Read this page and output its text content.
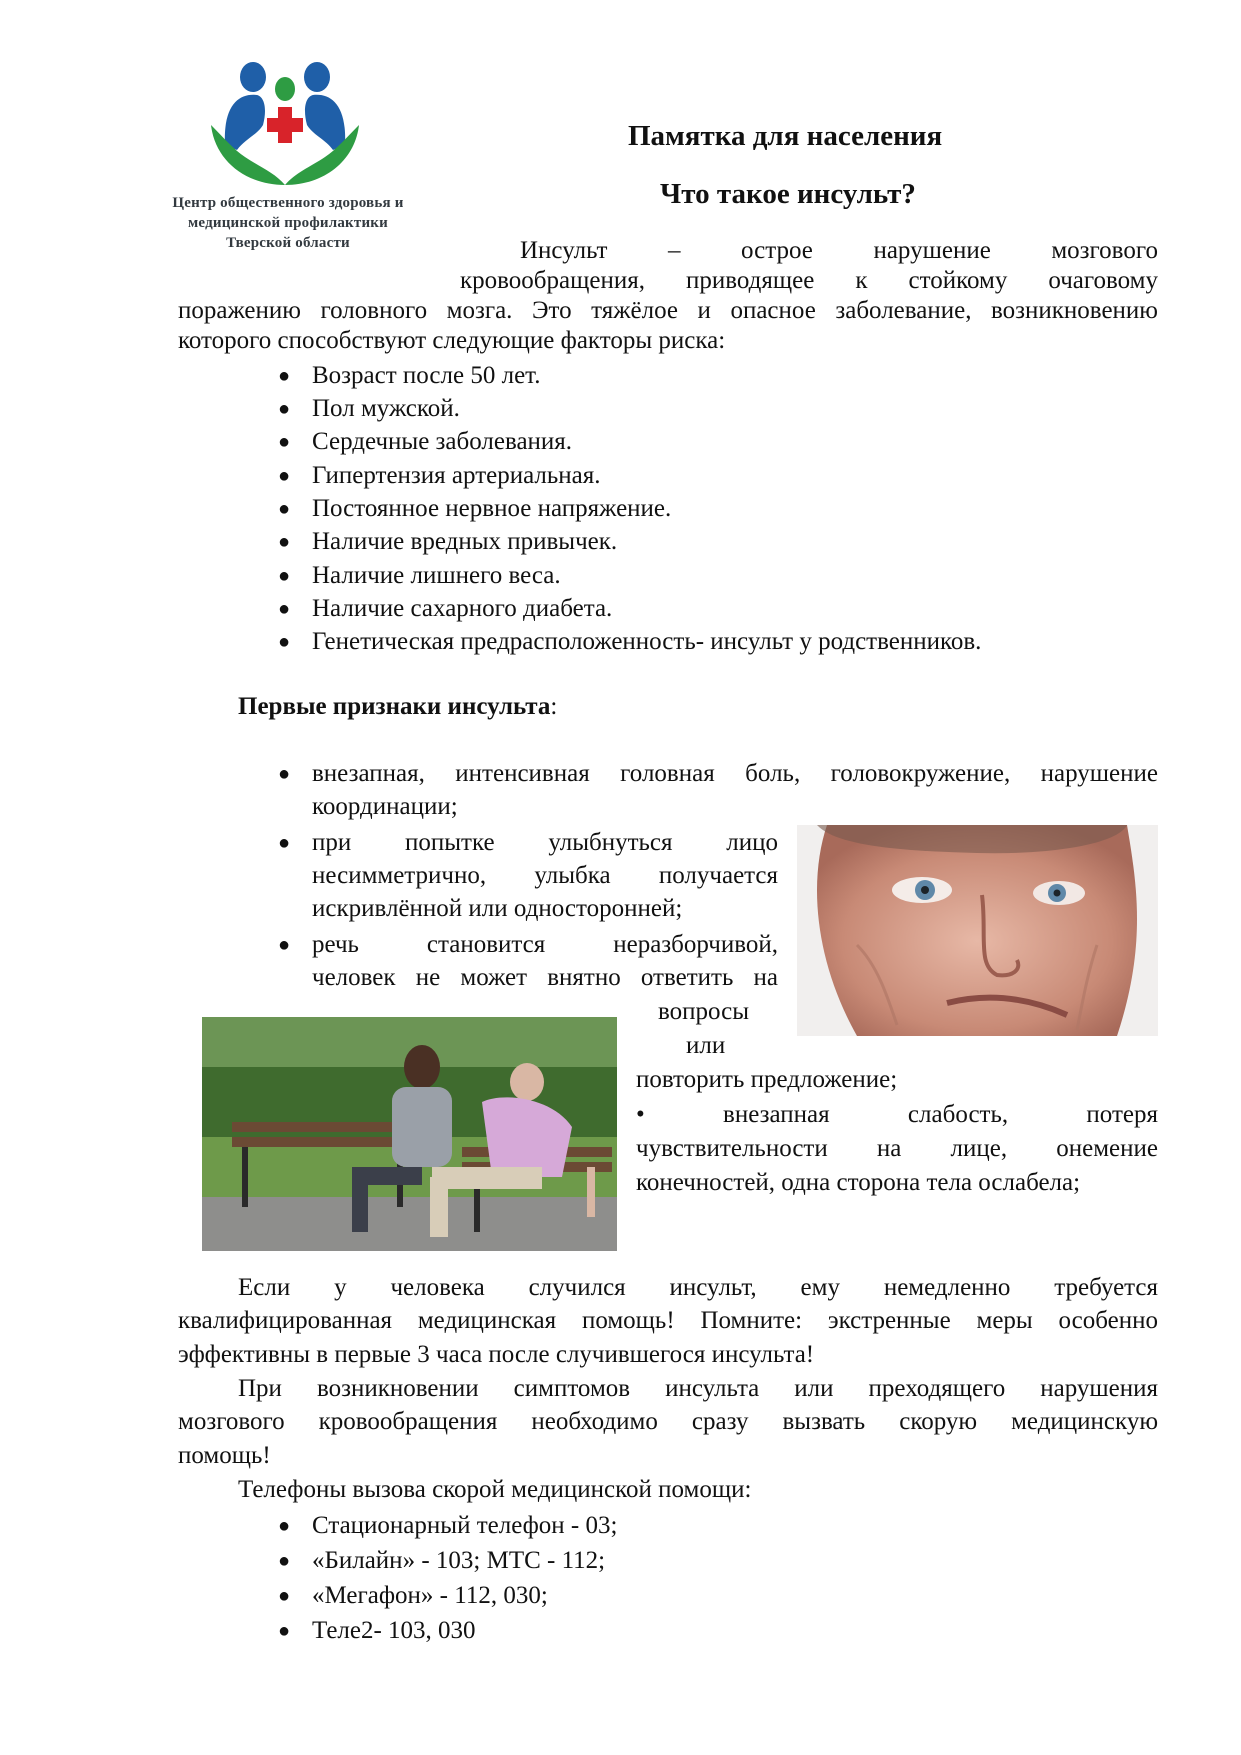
Центр общественного здоровья и
медицинской профилактики
Тверской области
Памятка для населения
Что такое инсульт?
Инсульт – острое нарушение мозгового
кровообращения, приводящее к стойкому очаговому
поражению головного мозга. Это тяжёлое и опасное заболевание, возникновению
которого способствуют следующие факторы риска:
● Возраст после 50 лет.
● Пол мужской.
● Сердечные заболевания.
● Гипертензия артериальная.
● Постоянное нервное напряжение.
● Наличие вредных привычек.
● Наличие лишнего веса.
● Наличие сахарного диабета.
● Генетическая предрасположенность- инсульт у родственников.
Первые признаки инсульта:
● внезапная, интенсивная головная боль, головокружение, нарушение
координации;
● при попытке улыбнуться лицо
несимметрично, улыбка получается
искривлённой или односторонней;
● речь становится неразборчивой,
человек не может внятно ответить на
вопросы
или
повторить предложение;
• внезапная слабость, потеря
чувствительности на лице, онемение
конечностей, одна сторона тела ослабела;
Если у человека случился инсульт, ему немедленно требуется
квалифицированная медицинская помощь! Помните: экстренные меры особенно
эффективны в первые 3 часа после случившегося инсульта!
При возникновении симптомов инсульта или преходящего нарушения
мозгового кровообращения необходимо сразу вызвать скорую медицинскую
помощь!
Телефоны вызова скорой медицинской помощи:
● Стационарный телефон - 03;
● «Билайн» - 103; МТС - 112;
● «Мегафон» - 112, 030;
● Теле2- 103, 030
